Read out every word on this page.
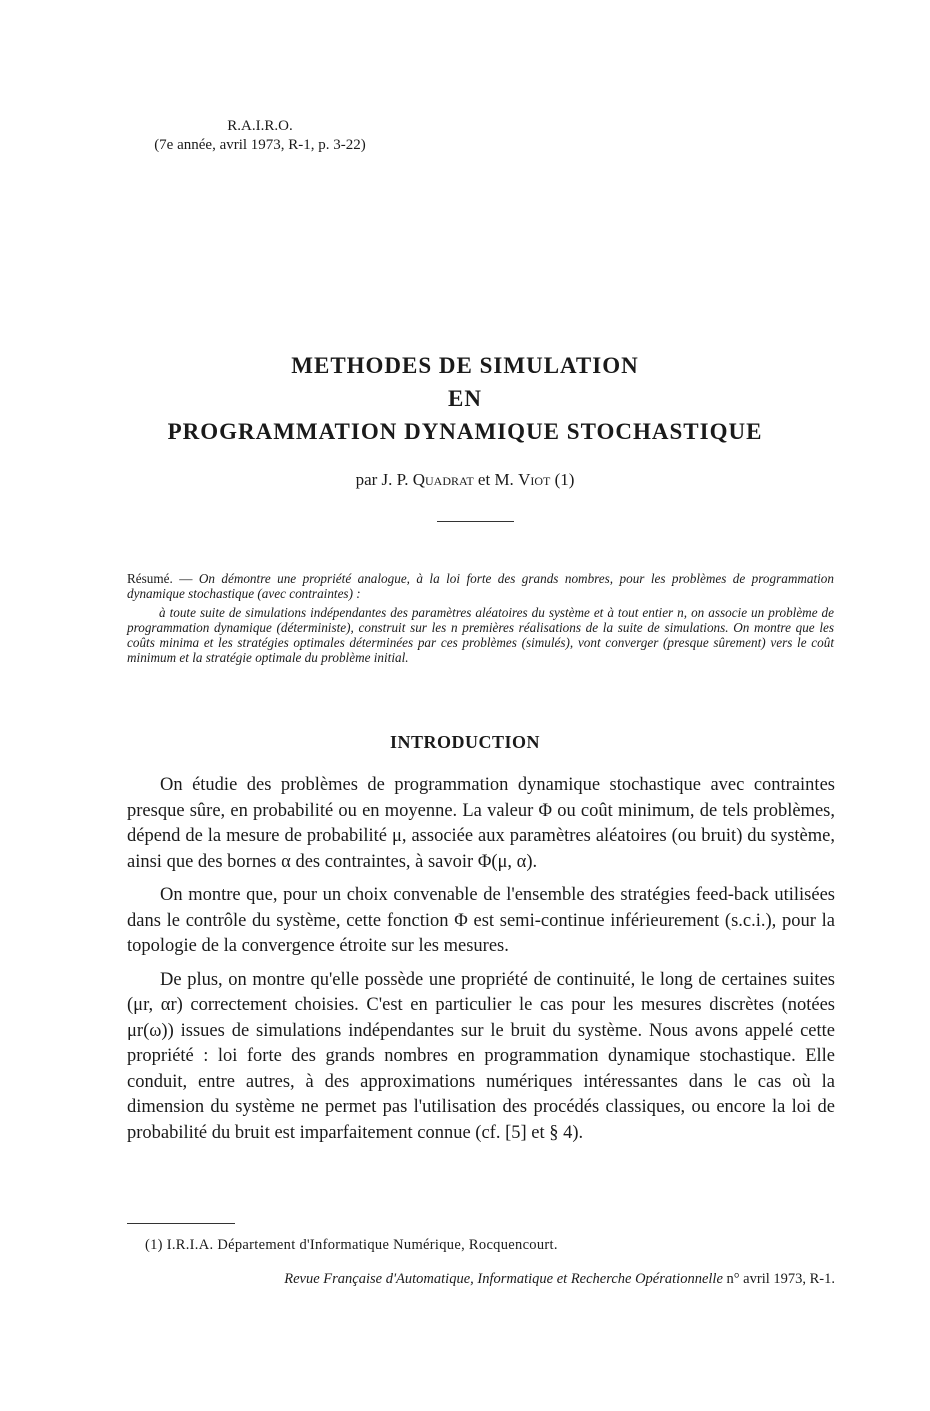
R.A.I.R.O.
(7e année, avril 1973, R-1, p. 3-22)
METHODES DE SIMULATION
EN
PROGRAMMATION DYNAMIQUE STOCHASTIQUE
par J. P. Quadrat et M. Viot (1)

Résumé. — On démontre une propriété analogue, à la loi forte des grands nombres, pour les problèmes de programmation dynamique stochastique (avec contraintes) :

à toute suite de simulations indépendantes des paramètres aléatoires du système et à tout entier n, on associe un problème de programmation dynamique (déterministe), construit sur les n premières réalisations de la suite de simulations. On montre que les coûts minima et les stratégies optimales déterminées par ces problèmes (simulés), vont converger (presque sûrement) vers le coût minimum et la stratégie optimale du problème initial.

INTRODUCTION

On étudie des problèmes de programmation dynamique stochastique avec contraintes presque sûre, en probabilité ou en moyenne. La valeur Φ ou coût minimum, de tels problèmes, dépend de la mesure de probabilité μ, associée aux paramètres aléatoires (ou bruit) du système, ainsi que des bornes α des contraintes, à savoir Φ(μ, α).

On montre que, pour un choix convenable de l'ensemble des stratégies feed-back utilisées dans le contrôle du système, cette fonction Φ est semi-continue inférieurement (s.c.i.), pour la topologie de la convergence étroite sur les mesures.

De plus, on montre qu'elle possède une propriété de continuité, le long de certaines suites (μr, αr) correctement choisies. C'est en particulier le cas pour les mesures discrètes (notées μr(ω)) issues de simulations indépendantes sur le bruit du système. Nous avons appelé cette propriété : loi forte des grands nombres en programmation dynamique stochastique. Elle conduit, entre autres, à des approximations numériques intéressantes dans le cas où la dimension du système ne permet pas l'utilisation des procédés classiques, ou encore la loi de probabilité du bruit est imparfaitement connue (cf. [5] et § 4).

(1) I.R.I.A. Département d'Informatique Numérique, Rocquencourt.
Revue Française d'Automatique, Informatique et Recherche Opérationnelle n° avril 1973, R-1.
